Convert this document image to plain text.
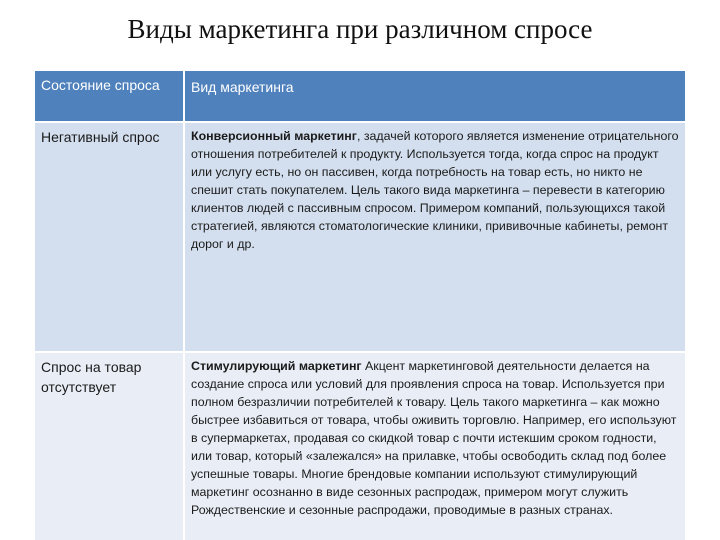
Виды маркетинга при различном спросе
Состояние спроса	Вид маркетинга
Негативный спрос	Конверсионный маркетинг, задачей которого является изменение отрицательного отношения потребителей к продукту. Используется тогда, когда спрос на продукт или услугу есть, но он пассивен, когда потребность на товар есть, но никто не спешит стать покупателем. Цель такого вида маркетинга – перевести в категорию клиентов людей с пассивным спросом. Примером компаний, пользующихся такой стратегией, являются стоматологические клиники, прививочные кабинеты, ремонт дорог и др.
Спрос на товар отсутствует
Стимулирующий маркетинг Акцент маркетинговой деятельности делается на создание спроса или условий для проявления спроса на товар. Используется при полном безразличии потребителей к товару. Цель такого маркетинга – как можно быстрее избавиться от товара, чтобы оживить торговлю. Например, его используют в супермаркетах, продавая со скидкой товар с почти истекшим сроком годности, или товар, который «залежался» на прилавке, чтобы освободить склад под более успешные товары. Многие брендовые компании используют стимулирующий маркетинг осознанно в виде сезонных распродаж, примером могут служить Рождественские и сезонные распродажи, проводимые в разных странах.
